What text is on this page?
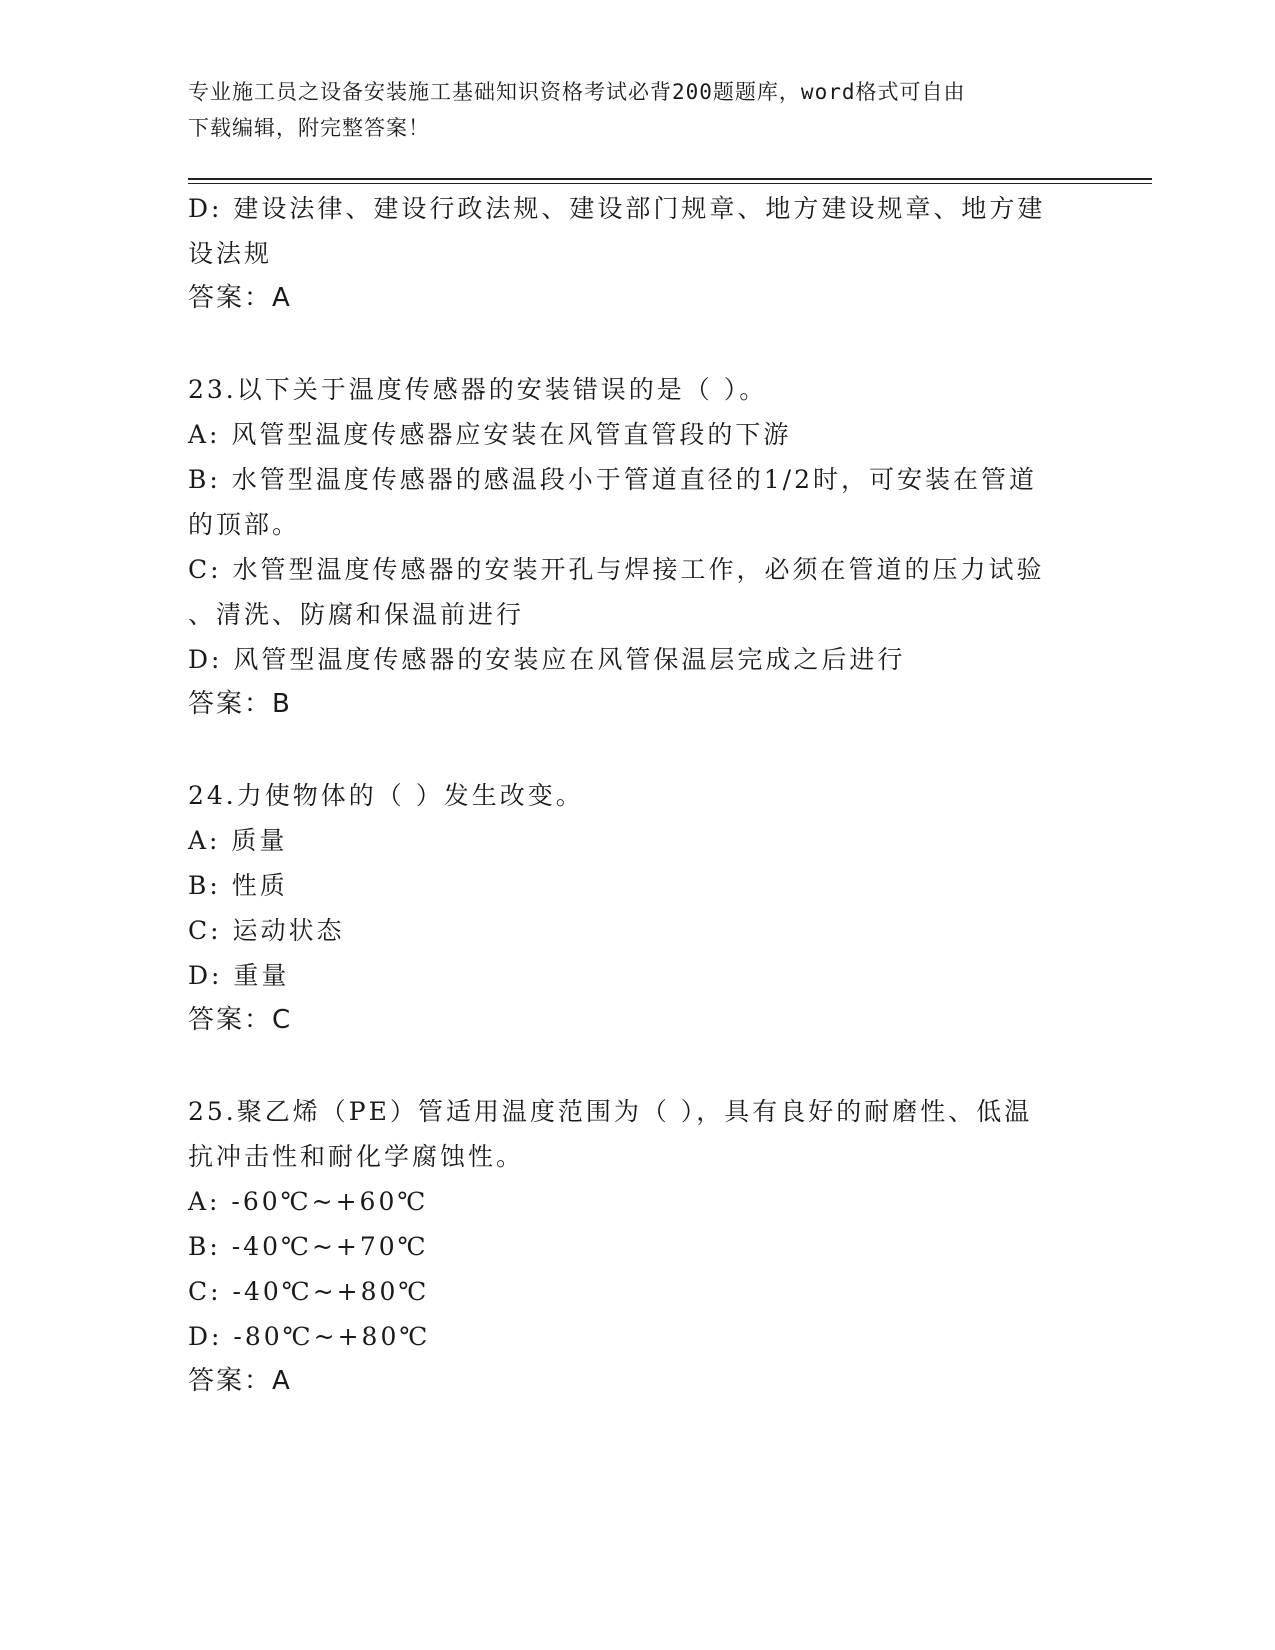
专业施工员之设备安装施工基础知识资格考试必背200题题库，word格式可自由
下载编辑，附完整答案！
D: 建设法律、建设行政法规、建设部门规章、地方建设规章、地方建
设法规
答案：A
23.以下关于温度传感器的安装错误的是（ ）。
A: 风管型温度传感器应安装在风管直管段的下游
B: 水管型温度传感器的感温段小于管道直径的1/2时，可安装在管道
的顶部。
C: 水管型温度传感器的安装开孔与焊接工作，必须在管道的压力试验
、清洗、防腐和保温前进行
D: 风管型温度传感器的安装应在风管保温层完成之后进行
答案：B
24.力使物体的（ ）发生改变。
A: 质量
B: 性质
C: 运动状态
D: 重量
答案：C
25.聚乙烯（PE）管适用温度范围为（ ），具有良好的耐磨性、低温
抗冲击性和耐化学腐蚀性。
A: -60℃~+60℃
B: -40℃~+70℃
C: -40℃~+80℃
D: -80℃~+80℃
答案：A
